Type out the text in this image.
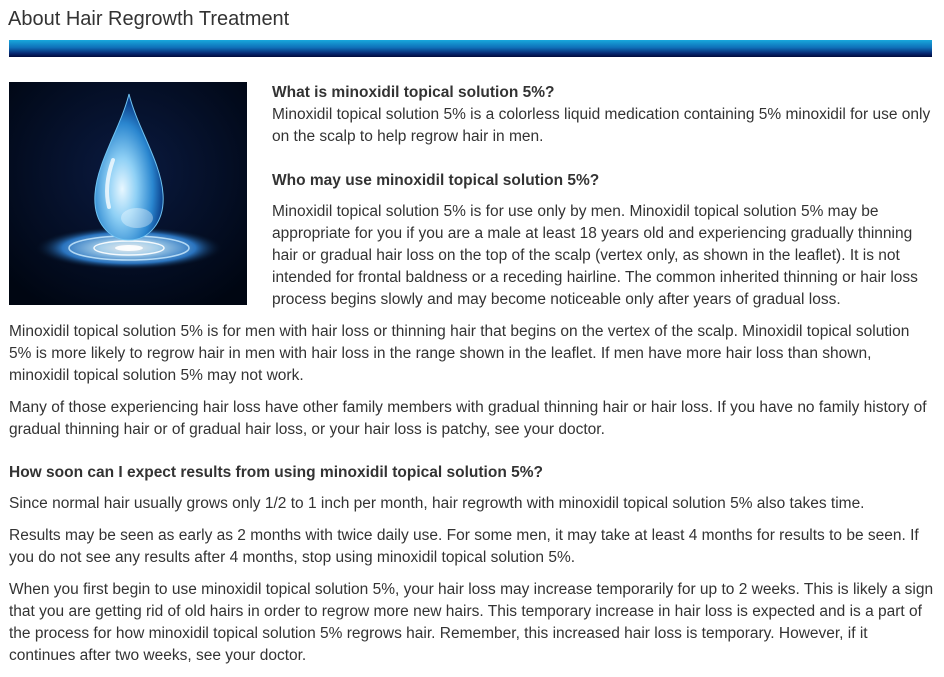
About Hair Regrowth Treatment

What is minoxidil topical solution 5%?

Minoxidil topical solution 5% is a colorless liquid medication containing 5% minoxidil for use only on the scalp to help regrow hair in men.

Who may use minoxidil topical solution 5%?

Minoxidil topical solution 5% is for use only by men. Minoxidil topical solution 5% may be appropriate for you if you are a male at least 18 years old and experiencing gradually thinning hair or gradual hair loss on the top of the scalp (vertex only, as shown in the leaflet). It is not intended for frontal baldness or a receding hairline. The common inherited thinning or hair loss process begins slowly and may become noticeable only after years of gradual loss.

Minoxidil topical solution 5% is for men with hair loss or thinning hair that begins on the vertex of the scalp. Minoxidil topical solution 5% is more likely to regrow hair in men with hair loss in the range shown in the leaflet. If men have more hair loss than shown, minoxidil topical solution 5% may not work.

Many of those experiencing hair loss have other family members with gradual thinning hair or hair loss. If you have no family history of gradual thinning hair or of gradual hair loss, or your hair loss is patchy, see your doctor.

How soon can I expect results from using minoxidil topical solution 5%?

Since normal hair usually grows only 1/2 to 1 inch per month, hair regrowth with minoxidil topical solution 5% also takes time.

Results may be seen as early as 2 months with twice daily use. For some men, it may take at least 4 months for results to be seen. If you do not see any results after 4 months, stop using minoxidil topical solution 5%.

When you first begin to use minoxidil topical solution 5%, your hair loss may increase temporarily for up to 2 weeks. This is likely a sign that you are getting rid of old hairs in order to regrow more new hairs. This temporary increase in hair loss is expected and is a part of the process for how minoxidil topical solution 5% regrows hair. Remember, this increased hair loss is temporary. However, if it continues after two weeks, see your doctor.
